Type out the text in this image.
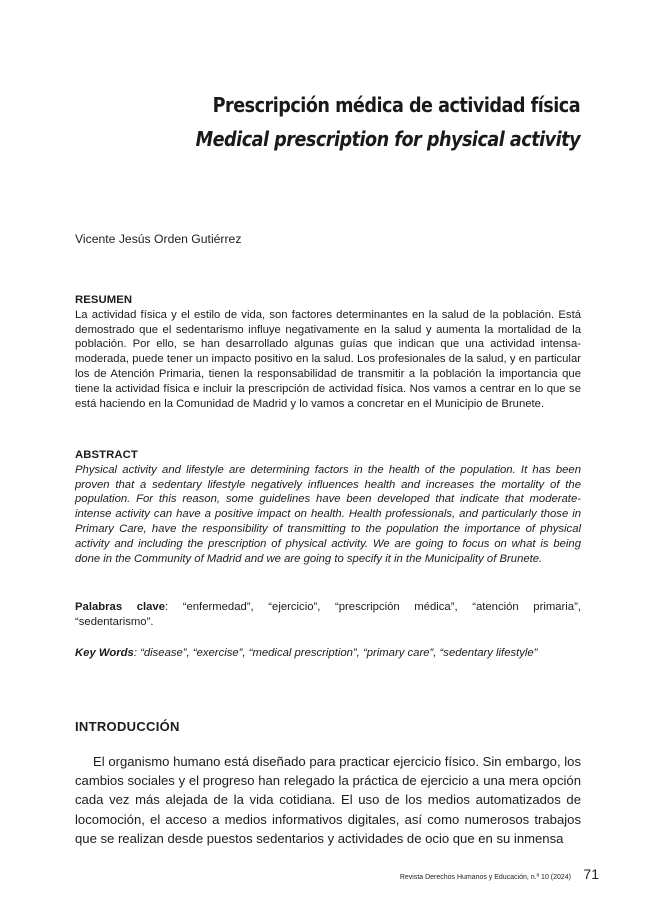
Prescripción médica de actividad física
Medical prescription for physical activity
Vicente Jesús Orden Gutiérrez
RESUMEN
La actividad física y el estilo de vida, son factores determinantes en la salud de la población. Está demostrado que el sedentarismo influye negativamente en la salud y aumenta la mortalidad de la población. Por ello, se han desarrollado algunas guías que indican que una actividad intensa-moderada, puede tener un impacto positivo en la salud. Los profesionales de la salud, y en particular los de Atención Primaria, tienen la responsabilidad de transmitir a la población la importancia que tiene la actividad física e incluir la prescripción de actividad física. Nos vamos a centrar en lo que se está haciendo en la Comunidad de Madrid y lo vamos a concretar en el Municipio de Brunete.
ABSTRACT
Physical activity and lifestyle are determining factors in the health of the population. It has been proven that a sedentary lifestyle negatively influences health and increases the mortality of the population. For this reason, some guidelines have been developed that indicate that moderate-intense activity can have a positive impact on health. Health professionals, and particularly those in Primary Care, have the responsibility of transmitting to the population the importance of physical activity and including the prescription of physical activity. We are going to focus on what is being done in the Community of Madrid and we are going to specify it in the Municipality of Brunete.
Palabras clave: “enfermedad”, “ejercicio”, “prescripción médica”, “atención primaria”, “sedentarismo”.
Key Words: “disease”, “exercise”, “medical prescription”, “primary care”, “sedentary lifestyle”
INTRODUCCIÓN
El organismo humano está diseñado para practicar ejercicio físico. Sin embargo, los cambios sociales y el progreso han relegado la práctica de ejercicio a una mera opción cada vez más alejada de la vida cotidiana. El uso de los medios automatizados de locomoción, el acceso a medios informativos digitales, así como numerosos trabajos que se realizan desde puestos sedentarios y actividades de ocio que en su inmensa
Revista Derechos Humanos y Educación, n.º 10 (2024) 71
